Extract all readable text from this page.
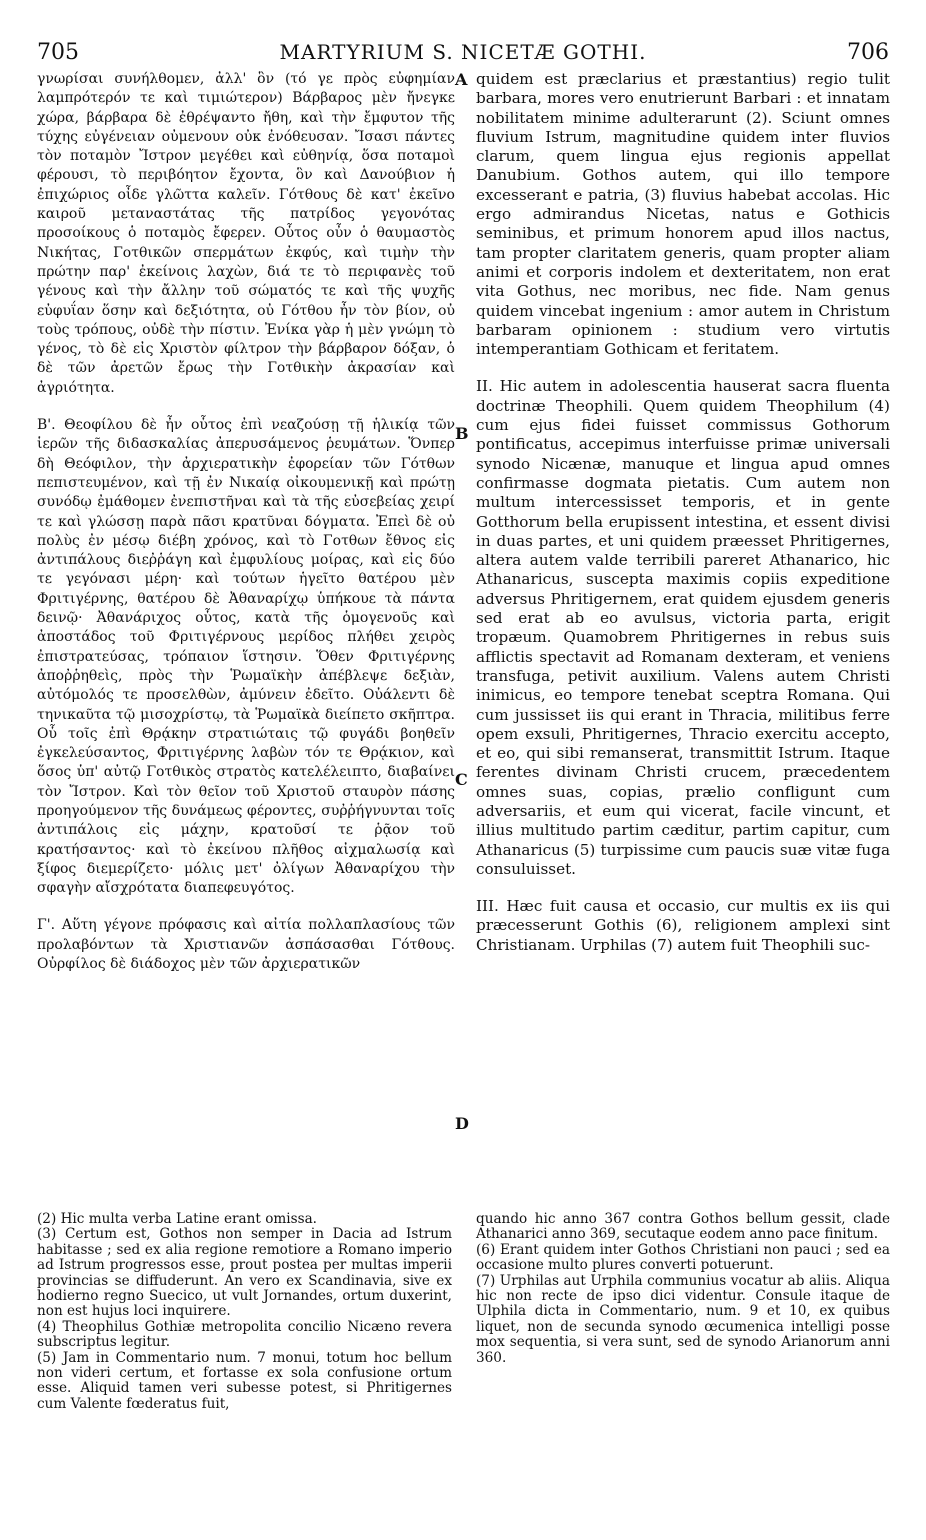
705	MARTYRIUM S. NICETÆ GOTHI.	706

γνωρίσαι συνήλθομεν, ἀλλ' ὃν (τό γε πρὸς εὐφημίαν λαμπρότερόν τε καὶ τιμιώτερον) Βάρβαρος μὲν ἤνεγκε χώρα, βάρβαρα δὲ ἐθρέψαντο ἤθη, καὶ τὴν ἔμφυτον τῆς τύχης εὐγένειαν οὐμενουν οὐκ ἐνόθευσαν. Ἴσασι πάντες τὸν ποταμὸν Ἴστρον μεγέθει καὶ εὐθηνίᾳ, ὅσα ποταμοὶ φέρουσι, τὸ περιβόητον ἔχοντα, ὃν καὶ Δανούβιον ἡ ἐπιχώριος οἶδε γλῶττα καλεῖν. Γότθους δὲ κατ' ἐκεῖνο καιροῦ μεταναστάτας τῆς πατρίδος γεγονότας προσοίκους ὁ ποταμὸς ἔφερεν. Οὗτος οὖν ὁ θαυμαστὸς Νικήτας, Γοτθικῶν σπερμάτων ἐκφύς, καὶ τιμὴν τὴν πρώτην παρ' ἐκείνοις λαχὼν, διά τε τὸ περιφανὲς τοῦ γένους καὶ τὴν ἄλλην τοῦ σώματός τε καὶ τῆς ψυχῆς εὐφυΐαν ὅσην καὶ δεξιότητα, οὐ Γότθου ἦν τὸν βίον, οὐ τοὺς τρόπους, οὐδὲ τὴν πίστιν. Ἐνίκα γὰρ ἡ μὲν γνώμη τὸ γένος, τὸ δὲ εἰς Χριστὸν φίλτρον τὴν βάρβαρον δόξαν, ὁ δὲ τῶν ἀρετῶν ἔρως τὴν Γοτθικὴν ἀκρασίαν καὶ ἀγριότητα.

Β'. Θεοφίλου δὲ ἦν οὗτος ἐπὶ νεαζούσῃ τῇ ἡλικίᾳ τῶν ἱερῶν τῆς διδασκαλίας ἀπερυσάμενος ῥευμάτων. Ὅνπερ δὴ Θεόφιλον, τὴν ἀρχιερατικὴν ἐφορείαν τῶν Γότθων πεπιστευμένον, καὶ τῇ ἐν Νικαίᾳ οἰκουμενικῇ καὶ πρώτῃ συνόδῳ ἐμάθομεν ἐνεπιστῆναι καὶ τὰ τῆς εὐσεβείας χειρί τε καὶ γλώσσῃ παρὰ πᾶσι κρατῦναι δόγματα. Ἐπεὶ δὲ οὐ πολὺς ἐν μέσῳ διέβη χρόνος, καὶ τὸ Γοτθων ἔθνος εἰς ἀντιπάλους διεῤῥάγη καὶ ἐμφυλίους μοίρας, καὶ εἰς δύο τε γεγόνασι μέρη· καὶ τούτων ἡγεῖτο θατέρου μὲν Φριτιγέρνης, θατέρου δὲ Ἀθαναρίχῳ ὑπήκουε τὰ πάντα δεινῷ· Ἀθανάριχος οὗτος, κατὰ τῆς ὁμογενοῦς καὶ ἀποστάδος τοῦ Φριτιγέρνους μερίδος πλήθει χειρὸς ἐπιστρατεύσας, τρόπαιον ἵστησιν. Ὅθεν Φριτιγέρνης ἀποῤῥηθεὶς, πρὸς τὴν Ῥωμαϊκὴν ἀπέβλεψε δεξιὰν, αὐτόμολός τε προσελθὼν, ἀμύνειν ἐδεῖτο. Οὐάλεντι δὲ τηνικαῦτα τῷ μισοχρίστῳ, τὰ Ῥωμαϊκὰ διείπετο σκῆπτρα. Οὗ τοῖς ἐπὶ Θρᾴκην στρατιώταις τῷ φυγάδι βοηθεῖν ἐγκελεύσαντος, Φριτιγέρνης λαβὼν τόν τε Θρᾴκιον, καὶ ὅσος ὑπ' αὐτῷ Γοτθικὸς στρατὸς κατελέλειπτο, διαβαίνει τὸν Ἴστρον. Καὶ τὸν θεῖον τοῦ Χριστοῦ σταυρὸν πάσης προηγούμενον τῆς δυνάμεως φέροντες, συῤῥήγνυνται τοῖς ἀντιπάλοις εἰς μάχην, κρατοῦσί τε ῥᾷον τοῦ κρατήσαντος· καὶ τὸ ἐκείνου πλῆθος αἰχμαλωσίᾳ καὶ ξίφος διεμερίζετο· μόλις μετ' ὀλίγων Ἀθαναρίχου τὴν σφαγὴν αἴσχρότατα διαπεφευγότος.

Γ'. Αὕτη γέγονε πρόφασις καὶ αἰτία πολλαπλασίους τῶν προλαβόντων τὰ Χριστιανῶν ἀσπάσασθαι Γότθους. Οὐρφίλος δὲ διάδοχος μὲν τῶν ἀρχιερατικῶν

A
B
C
D

quidem est præclarius et præstantius) regio tulit barbara, mores vero enutrierunt Barbari : et innatam nobilitatem minime adulterarunt (2). Sciunt omnes fluvium Istrum, magnitudine quidem inter fluvios clarum, quem lingua ejus regionis appellat Danubium. Gothos autem, qui illo tempore excesserant e patria, (3) fluvius habebat accolas. Hic ergo admirandus Nicetas, natus e Gothicis seminibus, et primum honorem apud illos nactus, tam propter claritatem generis, quam propter aliam animi et corporis indolem et dexteritatem, non erat vita Gothus, nec moribus, nec fide. Nam genus quidem vincebat ingenium : amor autem in Christum barbaram opinionem : studium vero virtutis intemperantiam Gothicam et feritatem.

II. Hic autem in adolescentia hauserat sacra fluenta doctrinæ Theophili. Quem quidem Theophilum (4) cum ejus fidei fuisset commissus Gothorum pontificatus, accepimus interfuisse primæ universali synodo Nicænæ, manuque et lingua apud omnes confirmasse dogmata pietatis. Cum autem non multum intercessisset temporis, et in gente Gotthorum bella erupissent intestina, et essent divisi in duas partes, et uni quidem præesset Phritigernes, altera autem valde terribili pareret Athanarico, hic Athanaricus, suscepta maximis copiis expeditione adversus Phritigernem, erat quidem ejusdem generis sed erat ab eo avulsus, victoria parta, erigit tropæum. Quamobrem Phritigernes in rebus suis afflictis spectavit ad Romanam dexteram, et veniens transfuga, petivit auxilium. Valens autem Christi inimicus, eo tempore tenebat sceptra Romana. Qui cum jussisset iis qui erant in Thracia, militibus ferre opem exsuli, Phritigernes, Thracio exercitu accepto, et eo, qui sibi remanserat, transmittit Istrum. Itaque ferentes divinam Christi crucem, præcedentem omnes suas, copias, prælio confligunt cum adversariis, et eum qui vicerat, facile vincunt, et illius multitudo partim cæditur, partim capitur, cum Athanaricus (5) turpissime cum paucis suæ vitæ fuga consuluisset.

III. Hæc fuit causa et occasio, cur multis ex iis qui præcesserunt Gothis (6), religionem amplexi sint Christianam. Urphilas (7) autem fuit Theophili suc-

(2) Hic multa verba Latine erant omissa.

(3) Certum est, Gothos non semper in Dacia ad Istrum habitasse ; sed ex alia regione remotiore a Romano imperio ad Istrum progressos esse, prout postea per multas imperii provincias se diffuderunt. An vero ex Scandinavia, sive ex hodierno regno Suecico, ut vult Jornandes, ortum duxerint, non est hujus loci inquirere.

(4) Theophilus Gothiæ metropolita concilio Nicæno revera subscriptus legitur.

(5) Jam in Commentario num. 7 monui, totum hoc bellum non videri certum, et fortasse ex sola confusione ortum esse. Aliquid tamen veri subesse potest, si Phritigernes cum Valente fœderatus fuit,

quando hic anno 367 contra Gothos bellum gessit, clade Athanarici anno 369, secutaque eodem anno pace finitum.

(6) Erant quidem inter Gothos Christiani non pauci ; sed ea occasione multo plures converti potuerunt.

(7) Urphilas aut Urphila communius vocatur ab aliis. Aliqua hic non recte de ipso dici videntur. Consule itaque de Ulphila dicta in Commentario, num. 9 et 10, ex quibus liquet, non de secunda synodo œcumenica intelligi posse mox sequentia, si vera sunt, sed de synodo Arianorum anni 360.
